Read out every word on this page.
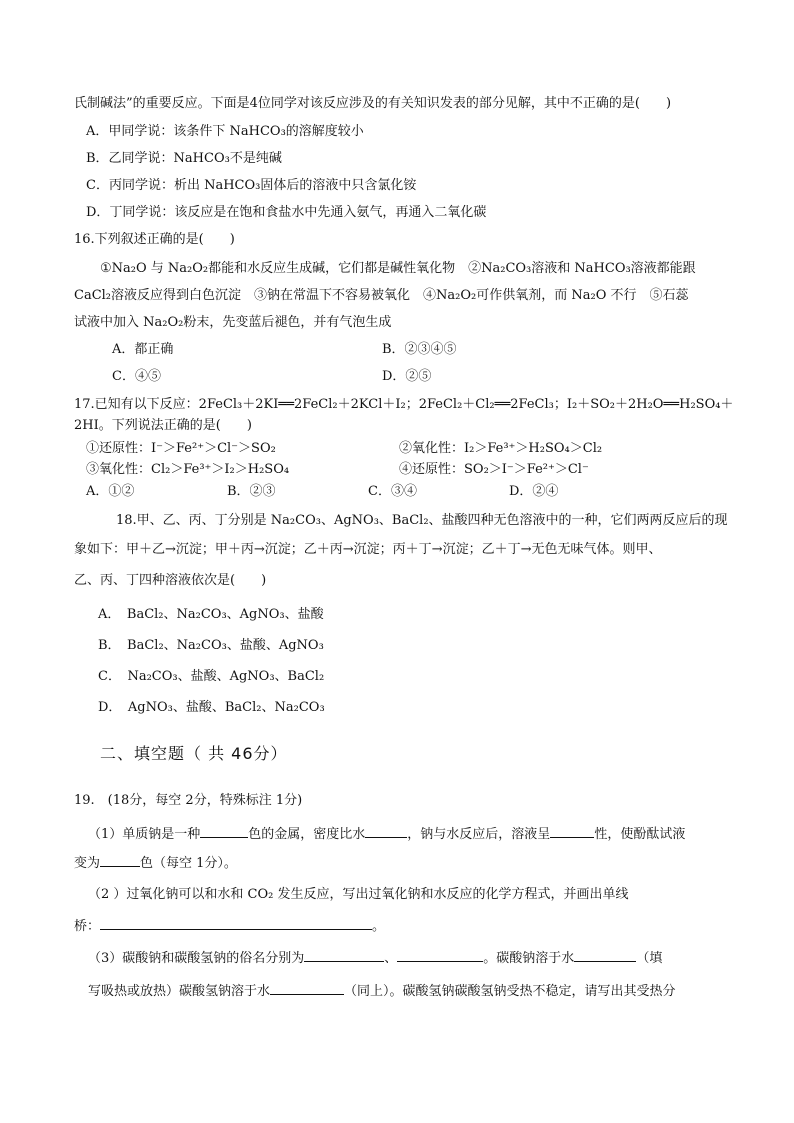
氏制碱法”的重要反应。下面是4位同学对该反应涉及的有关知识发表的部分见解，其中不正确的是(　　)
A．甲同学说：该条件下 NaHCO₃的溶解度较小
B．乙同学说：NaHCO₃不是纯碱
C．丙同学说：析出 NaHCO₃固体后的溶液中只含氯化铵
D．丁同学说：该反应是在饱和食盐水中先通入氨气，再通入二氧化碳
16.下列叙述正确的是(　　)
①Na₂O 与 Na₂O₂都能和水反应生成碱，它们都是碱性氧化物　②Na₂CO₃溶液和 NaHCO₃溶液都能跟
CaCl₂溶液反应得到白色沉淀　③钠在常温下不容易被氧化　④Na₂O₂可作供氧剂，而 Na₂O 不行　⑤石蕊
试液中加入 Na₂O₂粉末，先变蓝后褪色，并有气泡生成
A．都正确	B．②③④⑤
C．④⑤	D．②⑤
17.已知有以下反应：2FeCl₃＋2KI══2FeCl₂＋2KCl＋I₂；2FeCl₂＋Cl₂══2FeCl₃；I₂＋SO₂＋2H₂O══H₂SO₄＋
2HI。下列说法正确的是(　　)
①还原性：I⁻＞Fe²⁺＞Cl⁻＞SO₂	②氧化性：I₂＞Fe³⁺＞H₂SO₄＞Cl₂
③氧化性：Cl₂＞Fe³⁺＞I₂＞H₂SO₄	④还原性：SO₂＞I⁻＞Fe²⁺＞Cl⁻
A．①②	B．②③	C．③④	D．②④
18.甲、乙、丙、丁分别是 Na₂CO₃、AgNO₃、BaCl₂、盐酸四种无色溶液中的一种，它们两两反应后的现
象如下：甲＋乙→沉淀；甲＋丙→沉淀；乙＋丙→沉淀；丙＋丁→沉淀；乙＋丁→无色无味气体。则甲、
乙、丙、丁四种溶液依次是(　　)
A．　BaCl₂、Na₂CO₃、AgNO₃、盐酸
B．　BaCl₂、Na₂CO₃、盐酸、AgNO₃
C．　Na₂CO₃、盐酸、AgNO₃、BaCl₂
D．　AgNO₃、盐酸、BaCl₂、Na₂CO₃
二、填空题（ 共 46分）
19.　(18分，每空 2分，特殊标注 1分)
（1）单质钠是一种	色的金属，密度比水	，钠与水反应后，溶液呈	性，使酚酞试液
变为	色（每空 1分）。
（2 ）过氧化钠可以和水和 CO₂ 发生反应，写出过氧化钠和水反应的化学方程式，并画出单线
桥：	。
（3）碳酸钠和碳酸氢钠的俗名分别为	、	。碳酸钠溶于水	（填
写吸热或放热）碳酸氢钠溶于水	（同上）。碳酸氢钠碳酸氢钠受热不稳定，请写出其受热分
